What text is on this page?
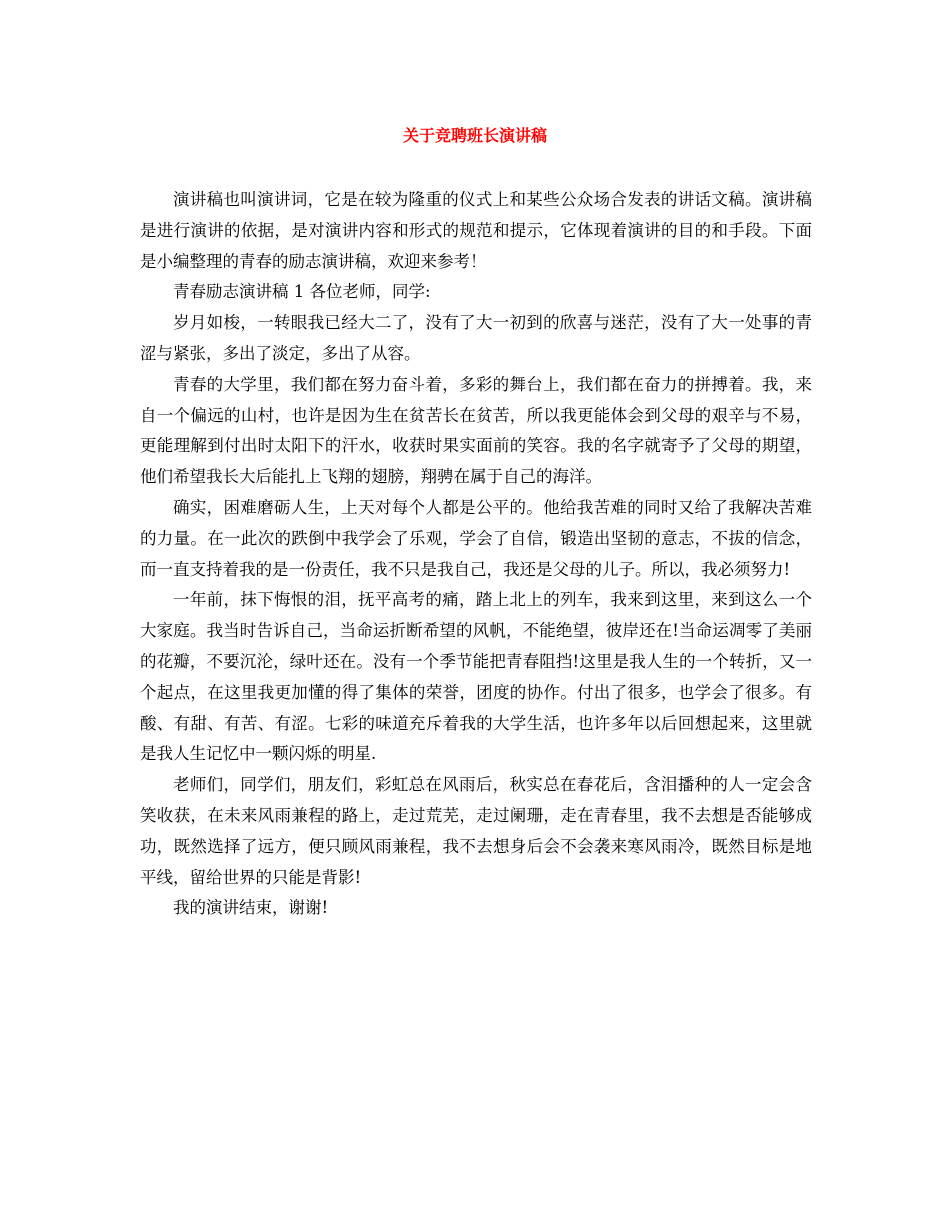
关于竞聘班长演讲稿

演讲稿也叫演讲词，它是在较为隆重的仪式上和某些公众场合发表的讲话文稿。演讲稿是进行演讲的依据，是对演讲内容和形式的规范和提示，它体现着演讲的目的和手段。下面是小编整理的青春的励志演讲稿，欢迎来参考！

青春励志演讲稿 1 各位老师，同学:

岁月如梭，一转眼我已经大二了，没有了大一初到的欣喜与迷茫，没有了大一处事的青涩与紧张，多出了淡定，多出了从容。

青春的大学里，我们都在努力奋斗着，多彩的舞台上，我们都在奋力的拼搏着。我，来自一个偏远的山村，也许是因为生在贫苦长在贫苦，所以我更能体会到父母的艰辛与不易，更能理解到付出时太阳下的汗水，收获时果实面前的笑容。我的名字就寄予了父母的期望，他们希望我长大后能扎上飞翔的翅膀，翔骋在属于自己的海洋。

确实，困难磨砺人生，上天对每个人都是公平的。他给我苦难的同时又给了我解决苦难的力量。在一此次的跌倒中我学会了乐观，学会了自信，锻造出坚韧的意志，不拔的信念，而一直支持着我的是一份责任，我不只是我自己，我还是父母的儿子。所以，我必须努力!

一年前，抹下悔恨的泪，抚平高考的痛，踏上北上的列车，我来到这里，来到这么一个大家庭。我当时告诉自己，当命运折断希望的风帆，不能绝望，彼岸还在!当命运凋零了美丽的花瓣，不要沉沦，绿叶还在。没有一个季节能把青春阻挡!这里是我人生的一个转折，又一个起点，在这里我更加懂的得了集体的荣誉，团度的协作。付出了很多，也学会了很多。有酸、有甜、有苦、有涩。七彩的味道充斥着我的大学生活，也许多年以后回想起来，这里就是我人生记忆中一颗闪烁的明星.

老师们，同学们，朋友们，彩虹总在风雨后，秋实总在春花后，含泪播种的人一定会含笑收获，在未来风雨兼程的路上，走过荒芜，走过阑珊，走在青春里，我不去想是否能够成功，既然选择了远方，便只顾风雨兼程，我不去想身后会不会袭来寒风雨冷，既然目标是地平线，留给世界的只能是背影!

我的演讲结束，谢谢!
